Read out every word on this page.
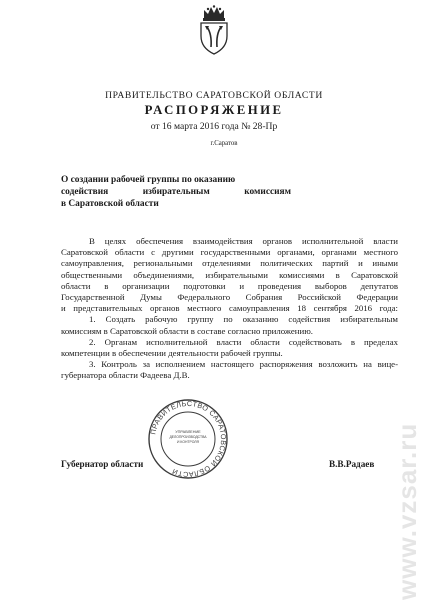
ПРАВИТЕЛЬСТВО САРАТОВСКОЙ ОБЛАСТИ
РАСПОРЯЖЕНИЕ
от 16 марта 2016 года № 28-Пр
г.Саратов
О создании рабочей группы по оказанию
содействия избирательным комиссиям
в Саратовской области
В целях обеспечения взаимодействия органов исполнительной власти
Саратовской области с другими государственными органами, органами местного
самоуправления, региональными отделениями политических партий и иными
общественными объединениями, избирательными комиссиями в Саратовской
области в организации подготовки и проведения выборов депутатов
Государственной Думы Федерального Собрания Российской Федерации
и представительных органов местного самоуправления 18 сентября 2016 года:
1. Создать рабочую группу по оказанию содействия избирательным
комиссиям в Саратовской области в составе согласно приложению.
2. Органам исполнительной власти области содействовать в пределах
компетенции в обеспечении деятельности рабочей группы.
3. Контроль за исполнением настоящего распоряжения возложить на вице-
губернатора области Фадеева Д.В.
ПРАВИТЕЛЬСТВО САРАТОВСКОЙ ОБЛАСТИ
УПРАВЛЕНИЕ
ДЕЛОПРОИЗВОДСТВА
И КОНТРОЛЯ
Губернатор области	В.В.Радаев www.vzsar.ru
